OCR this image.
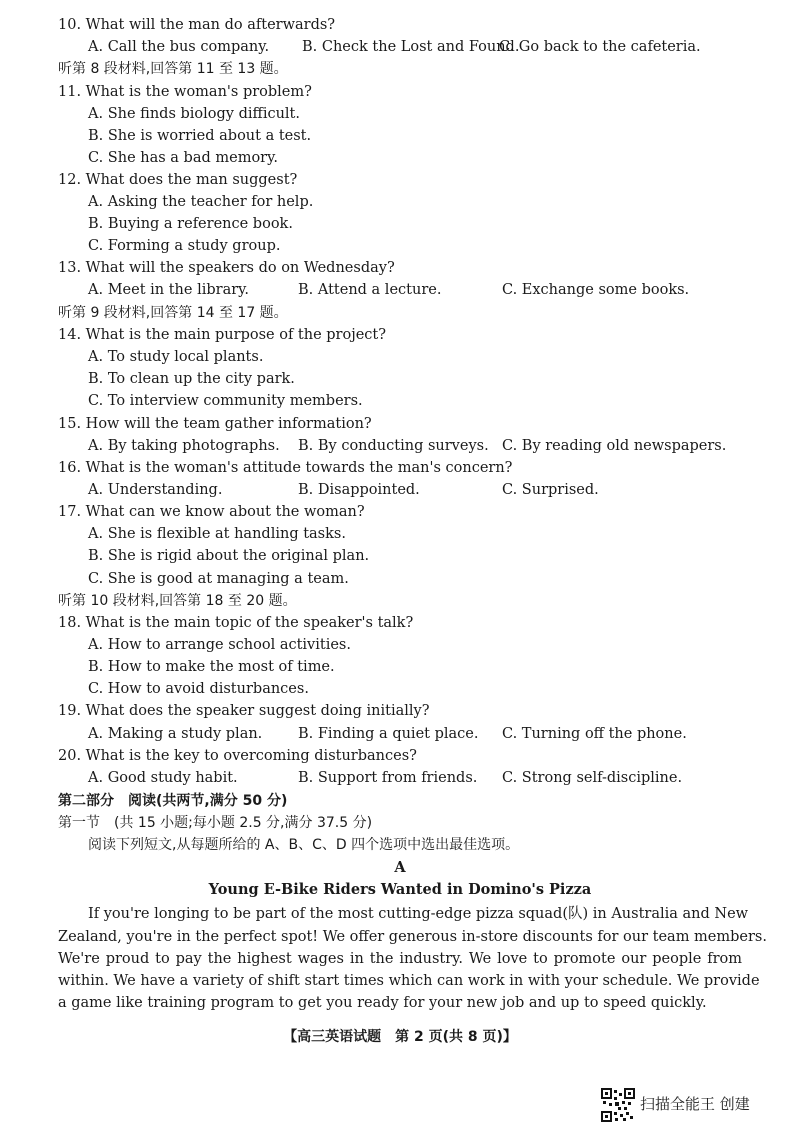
10. What will the man do afterwards?
A. Call the bus company. B. Check the Lost and Found.
C. Go back to the cafeteria.
听第 8 段材料,回答第 11 至 13 题。
11. What is the woman's problem?
A. She finds biology difficult.
B. She is worried about a test.
C. She has a bad memory.
12. What does the man suggest?
A. Asking the teacher for help.
B. Buying a reference book.
C. Forming a study group.
13. What will the speakers do on Wednesday?
A. Meet in the library.	B. Attend a lecture.	C. Exchange some books.
听第 9 段材料,回答第 14 至 17 题。
14. What is the main purpose of the project?
A. To study local plants.
B. To clean up the city park.
C. To interview community members.
15. How will the team gather information?
A. By taking photographs. B. By conducting surveys. C. By reading old newspapers.
16. What is the woman's attitude towards the man's concern?
A. Understanding.	B. Disappointed.	C. Surprised.
17. What can we know about the woman?
A. She is flexible at handling tasks.
B. She is rigid about the original plan.
C. She is good at managing a team.
听第 10 段材料,回答第 18 至 20 题。
18. What is the main topic of the speaker's talk?
A. How to arrange school activities.
B. How to make the most of time.
C. How to avoid disturbances.
19. What does the speaker suggest doing initially?
A. Making a study plan. B. Finding a quiet place. C. Turning off the phone.
20. What is the key to overcoming disturbances?
A. Good study habit.	B. Support from friends. C. Strong self-discipline.
第二部分　阅读(共两节,满分 50 分)
第一节　(共 15 小题;每小题 2.5 分,满分 37.5 分)
阅读下列短文,从每题所给的 A、B、C、D 四个选项中选出最佳选项。
A
Young E-Bike Riders Wanted in Domino's Pizza
If you're longing to be part of the most cutting-edge pizza squad(队) in Australia and New
Zealand, you're in the perfect spot! We offer generous in-store discounts for our team members.
We're proud to pay the highest wages in the industry. We love to promote our people from
within. We have a variety of shift start times which can work in with your schedule. We provide
a game like training program to get you ready for your new job and up to speed quickly.
【高三英语试题　第 2 页(共 8 页)】
扫描全能王 创建
